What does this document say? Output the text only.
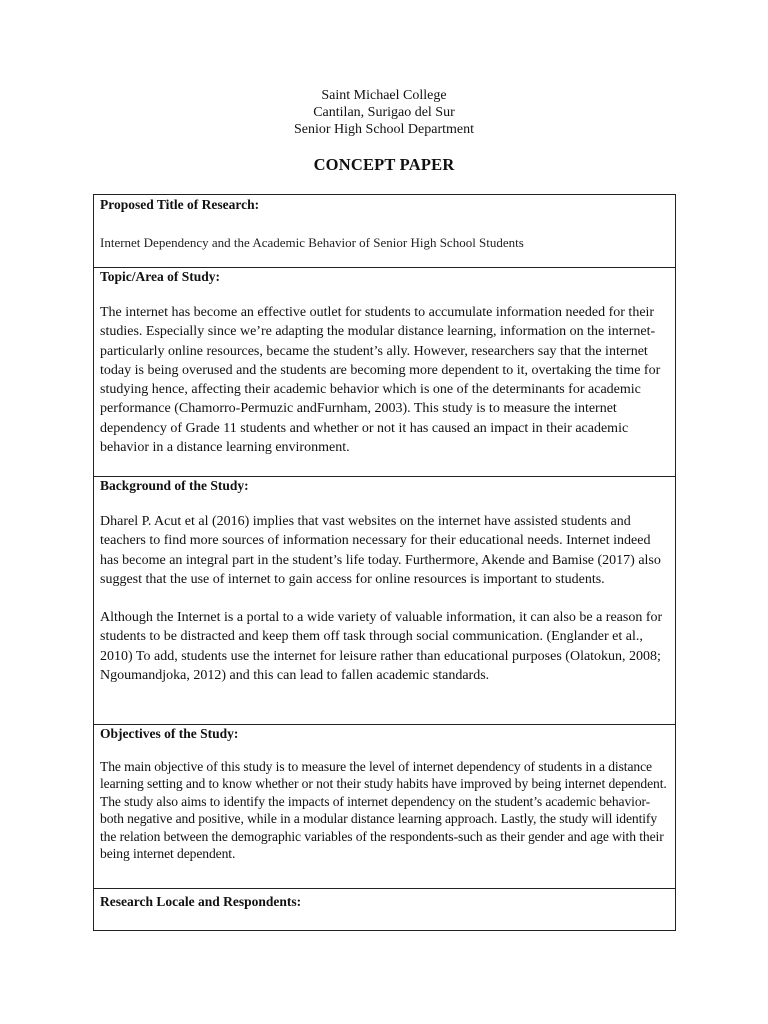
Saint Michael College
Cantilan, Surigao del Sur
Senior High School Department
CONCEPT PAPER
Proposed Title of Research:

Internet Dependency and the Academic Behavior of Senior High School Students

Topic/Area of Study:

The internet has become an effective outlet for students to accumulate information needed for their studies. Especially since we’re adapting the modular distance learning, information on the internet-particularly online resources, became the student’s ally. However, researchers say that the internet today is being overused and the students are becoming more dependent to it, overtaking the time for studying hence, affecting their academic behavior which is one of the determinants for academic performance (Chamorro-Permuzic andFurnham, 2003). This study is to measure the internet dependency of Grade 11 students and whether or not it has caused an impact in their academic behavior in a distance learning environment.

Background of the Study:

Dharel P. Acut et al (2016) implies that vast websites on the internet have assisted students and teachers to find more sources of information necessary for their educational needs. Internet indeed has become an integral part in the student’s life today. Furthermore, Akende and Bamise (2017) also suggest that the use of internet to gain access for online resources is important to students.

Although the Internet is a portal to a wide variety of valuable information, it can also be a reason for students to be distracted and keep them off task through social communication. (Englander et al., 2010) To add, students use the internet for leisure rather than educational purposes (Olatokun, 2008; Ngoumandjoka, 2012) and this can lead to fallen academic standards.

Objectives of the Study:

The main objective of this study is to measure the level of internet dependency of students in a distance learning setting and to know whether or not their study habits have improved by being internet dependent. The study also aims to identify the impacts of internet dependency on the student’s academic behavior-both negative and positive, while in a modular distance learning approach. Lastly, the study will identify the relation between the demographic variables of the respondents-such as their gender and age with their being internet dependent.

Research Locale and Respondents:
